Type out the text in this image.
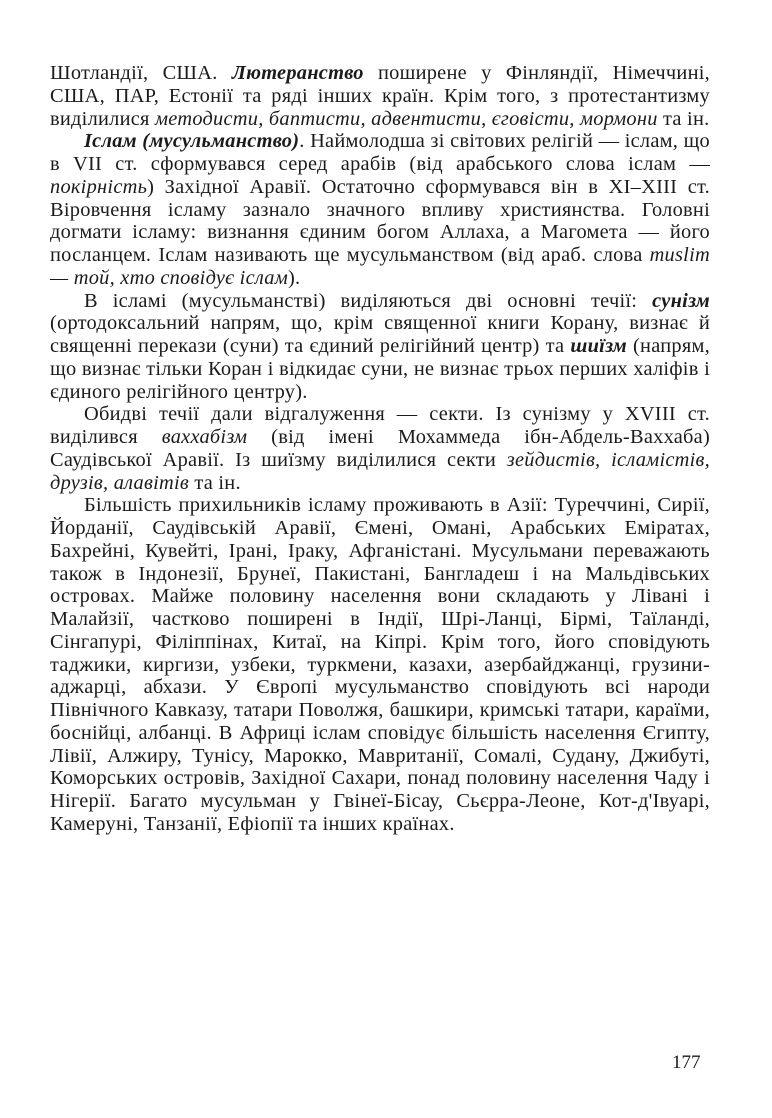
Шотландії, США. Лютеранство поширене у Фінляндії, Німеччині, США, ПАР, Естонії та ряді інших країн. Крім того, з протестантизму виділилися методисти, баптисти, адвентисти, єговісти, мормони та ін.

Іслам (мусульманство). Наймолодша зі світових релігій — іслам, що в VII ст. сформувався серед арабів (від арабського слова іслам — покірність) Західної Аравії. Остаточно сформувався він в XI–XIII ст. Віровчення ісламу зазнало значного впливу християнства. Головні догмати ісламу: визнання єдиним богом Аллаха, а Магомета — його посланцем. Іслам називають ще мусульманством (від араб. слова muslim — той, хто сповідує іслам).

В ісламі (мусульманстві) виділяються дві основні течії: сунізм (ортодоксальний напрям, що, крім священної книги Корану, визнає й священні перекази (суни) та єдиний релігійний центр) та шиїзм (напрям, що визнає тільки Коран і відкидає суни, не визнає трьох перших халіфів і єдиного релігійного центру).

Обидві течії дали відгалуження — секти. Із сунізму у XVIII ст. виділився ваххабізм (від імені Мохаммеда ібн-Абдель-Ваххаба) Саудівської Аравії. Із шиїзму виділилися секти зейдистів, ісламістів, друзів, алавітів та ін.

Більшість прихильників ісламу проживають в Азії: Туреччині, Сирії, Йорданії, Саудівській Аравії, Ємені, Омані, Арабських Еміратах, Бахрейні, Кувейті, Ірані, Іраку, Афганістані. Мусульмани переважають також в Індонезії, Брунеї, Пакистані, Бангладеш і на Мальдівських островах. Майже половину населення вони складають у Лівані і Малайзії, частково поширені в Індії, Шрі-Ланці, Бірмі, Таїланді, Сінгапурі, Філіппінах, Китаї, на Кіпрі. Крім того, його сповідують таджики, киргизи, узбеки, туркмени, казахи, азербайджанці, грузини-аджарці, абхази. У Європі мусульманство сповідують всі народи Північного Кавказу, татари Поволжя, башкири, кримські татари, караїми, боснійці, албанці. В Африці іслам сповідує більшість населення Єгипту, Лівії, Алжиру, Тунісу, Марокко, Мавританії, Сомалі, Судану, Джибуті, Коморських островів, Західної Сахари, понад половину населення Чаду і Нігерії. Багато мусульман у Гвінеї-Бісау, Сьєрра-Леоне, Кот-д'Івуарі, Камеруні, Танзанії, Ефіопії та інших країнах.

177
